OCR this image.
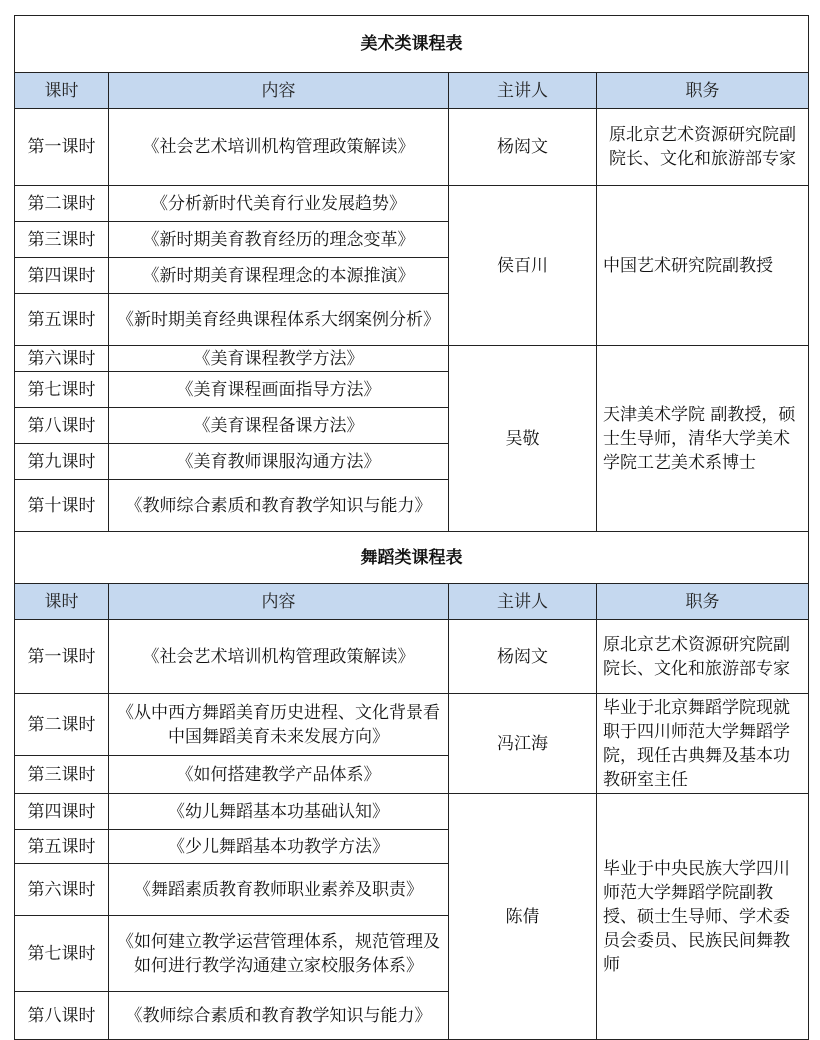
美术类课程表			
课时	内容	主讲人	职务
第一课时	《社会艺术培训机构管理政策解读》	杨闳文	原北京艺术资源研究院副院长、文化和旅游部专家
第二课时	《分析新时代美育行业发展趋势》	侯百川	中国艺术研究院副教授
第三课时	《新时期美育教育经历的理念变革》		
第四课时	《新时期美育课程理念的本源推演》		
第五课时	《新时期美育经典课程体系大纲案例分析》		
第六课时	《美育课程教学方法》	吴敬	天津美术学院 副教授，硕士生导师，清华大学美术学院工艺美术系博士
第七课时	《美育课程画面指导方法》		
第八课时	《美育课程备课方法》		
第九课时	《美育教师课服沟通方法》		
第十课时	《教师综合素质和教育教学知识与能力》		
舞蹈类课程表			
课时	内容	主讲人	职务
第一课时	《社会艺术培训机构管理政策解读》	杨闳文	原北京艺术资源研究院副院长、文化和旅游部专家
第二课时	《从中西方舞蹈美育历史进程、文化背景看中国舞蹈美育未来发展方向》	冯江海	毕业于北京舞蹈学院现就职于四川师范大学舞蹈学院，现任古典舞及基本功教研室主任
第三课时	《如何搭建教学产品体系》		
第四课时	《幼儿舞蹈基本功基础认知》	陈倩	毕业于中央民族大学四川师范大学舞蹈学院副教授、硕士生导师、学术委员会委员、民族民间舞教师
第五课时	《少儿舞蹈基本功教学方法》		
第六课时	《舞蹈素质教育教师职业素养及职责》		
第七课时	《如何建立教学运营管理体系，规范管理及如何进行教学沟通建立家校服务体系》		
第八课时	《教师综合素质和教育教学知识与能力》		
